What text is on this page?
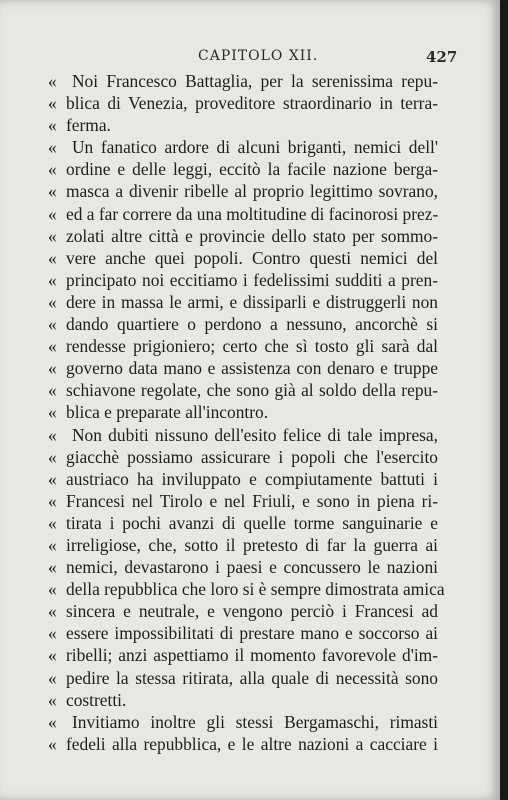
CAPITOLO XII.	427
« Noi Francesco Battaglia, per la serenissima repu-
« blica di Venezia, proveditore straordinario in terra-
« ferma.
« Un fanatico ardore di alcuni briganti, nemici dell'
« ordine e delle leggi, eccitò la facile nazione berga-
« masca a divenir ribelle al proprio legittimo sovrano,
« ed a far correre da una moltitudine di facinorosi prez-
« zolati altre città e provincie dello stato per sommo-
« vere anche quei popoli. Contro questi nemici del
« principato noi eccitiamo i fedelissimi sudditi a pren-
« dere in massa le armi, e dissiparli e distruggerli non
« dando quartiere o perdono a nessuno, ancorchè si
« rendesse prigioniero; certo che sì tosto gli sarà dal
« governo data mano e assistenza con denaro e truppe
« schiavone regolate, che sono già al soldo della repu-
« blica e preparate all'incontro.
« Non dubiti nissuno dell'esito felice di tale impresa,
« giacchè possiamo assicurare i popoli che l'esercito
« austriaco ha inviluppato e compiutamente battuti i
« Francesi nel Tirolo e nel Friuli, e sono in piena ri-
« tirata i pochi avanzi di quelle torme sanguinarie e
« irreligiose, che, sotto il pretesto di far la guerra ai
« nemici, devastarono i paesi e concussero le nazioni
« della repubblica che loro si è sempre dimostrata amica
« sincera e neutrale, e vengono perciò i Francesi ad
« essere impossibilitati di prestare mano e soccorso ai
« ribelli; anzi aspettiamo il momento favorevole d'im-
« pedire la stessa ritirata, alla quale di necessità sono
« costretti.
« Invitiamo inoltre gli stessi Bergamaschi, rimasti
« fedeli alla repubblica, e le altre nazioni a cacciare i
